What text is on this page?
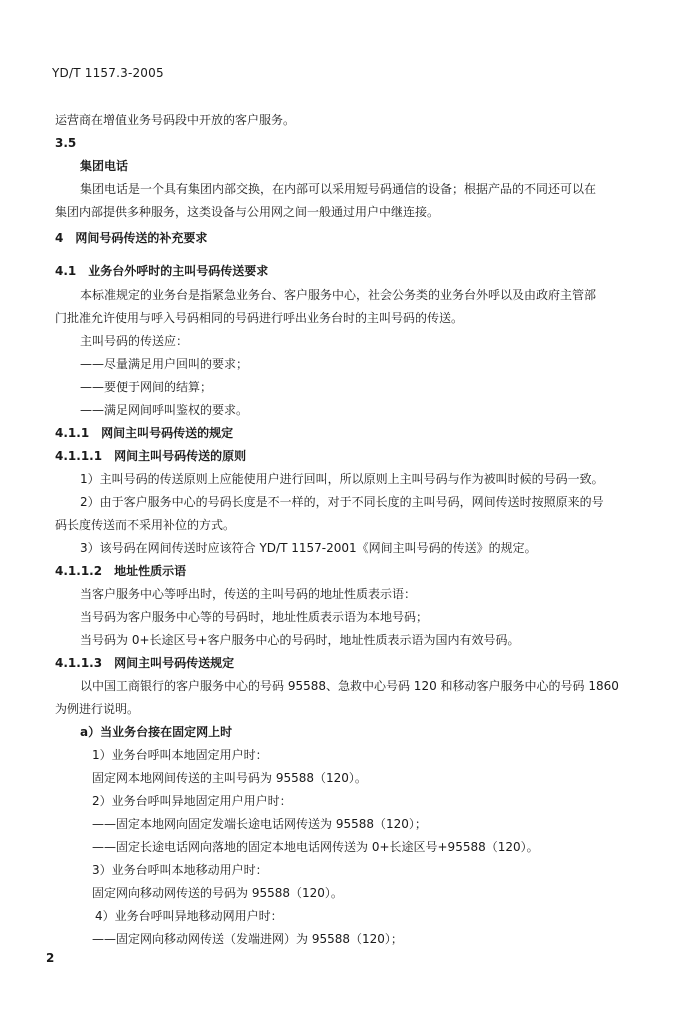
YD/T 1157.3-2005
运营商在增值业务号码段中开放的客户服务。
3.5
集团电话
集团电话是一个具有集团内部交换，在内部可以采用短号码通信的设备；根据产品的不同还可以在
集团内部提供多种服务，这类设备与公用网之间一般通过用户中继连接。
4　网间号码传送的补充要求
4.1　业务台外呼时的主叫号码传送要求
本标准规定的业务台是指紧急业务台、客户服务中心，社会公务类的业务台外呼以及由政府主管部
门批准允许使用与呼入号码相同的号码进行呼出业务台时的主叫号码的传送。
主叫号码的传送应：
——尽量满足用户回叫的要求；
——要便于网间的结算；
——满足网间呼叫鉴权的要求。
4.1.1　网间主叫号码传送的规定
4.1.1.1　网间主叫号码传送的原则
1）主叫号码的传送原则上应能使用户进行回叫，所以原则上主叫号码与作为被叫时候的号码一致。
2）由于客户服务中心的号码长度是不一样的，对于不同长度的主叫号码，网间传送时按照原来的号
码长度传送而不采用补位的方式。
3）该号码在网间传送时应该符合 YD/T 1157-2001《网间主叫号码的传送》的规定。
4.1.1.2　地址性质示语
当客户服务中心等呼出时，传送的主叫号码的地址性质表示语：
当号码为客户服务中心等的号码时，地址性质表示语为本地号码；
当号码为 0+长途区号+客户服务中心的号码时，地址性质表示语为国内有效号码。
4.1.1.3　网间主叫号码传送规定
以中国工商银行的客户服务中心的号码 95588、急救中心号码 120 和移动客户服务中心的号码 1860
为例进行说明。
a）当业务台接在固定网上时
1）业务台呼叫本地固定用户时：
固定网本地网间传送的主叫号码为 95588（120）。
2）业务台呼叫异地固定用户用户时：
——固定本地网向固定发端长途电话网传送为 95588（120）；
——固定长途电话网向落地的固定本地电话网传送为 0+长途区号+95588（120）。
3）业务台呼叫本地移动用户时：
固定网向移动网传送的号码为 95588（120）。
4）业务台呼叫异地移动网用户时：
——固定网向移动网传送（发端进网）为 95588（120）；
2
